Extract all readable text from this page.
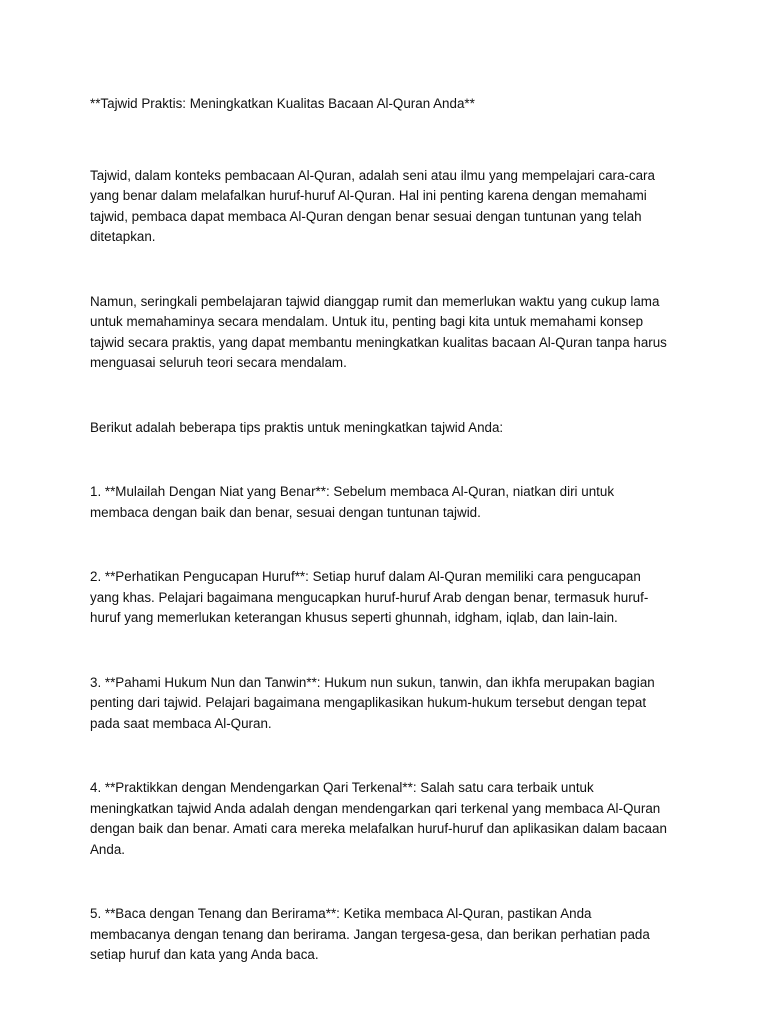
**Tajwid Praktis: Meningkatkan Kualitas Bacaan Al-Quran Anda**

Tajwid, dalam konteks pembacaan Al-Quran, adalah seni atau ilmu yang mempelajari cara-cara yang benar dalam melafalkan huruf-huruf Al-Quran. Hal ini penting karena dengan memahami tajwid, pembaca dapat membaca Al-Quran dengan benar sesuai dengan tuntunan yang telah ditetapkan.

Namun, seringkali pembelajaran tajwid dianggap rumit dan memerlukan waktu yang cukup lama untuk memahaminya secara mendalam. Untuk itu, penting bagi kita untuk memahami konsep tajwid secara praktis, yang dapat membantu meningkatkan kualitas bacaan Al-Quran tanpa harus menguasai seluruh teori secara mendalam.

Berikut adalah beberapa tips praktis untuk meningkatkan tajwid Anda:

1. **Mulailah Dengan Niat yang Benar**: Sebelum membaca Al-Quran, niatkan diri untuk membaca dengan baik dan benar, sesuai dengan tuntunan tajwid.

2. **Perhatikan Pengucapan Huruf**: Setiap huruf dalam Al-Quran memiliki cara pengucapan yang khas. Pelajari bagaimana mengucapkan huruf-huruf Arab dengan benar, termasuk huruf-huruf yang memerlukan keterangan khusus seperti ghunnah, idgham, iqlab, dan lain-lain.

3. **Pahami Hukum Nun dan Tanwin**: Hukum nun sukun, tanwin, dan ikhfa merupakan bagian penting dari tajwid. Pelajari bagaimana mengaplikasikan hukum-hukum tersebut dengan tepat pada saat membaca Al-Quran.

4. **Praktikkan dengan Mendengarkan Qari Terkenal**: Salah satu cara terbaik untuk meningkatkan tajwid Anda adalah dengan mendengarkan qari terkenal yang membaca Al-Quran dengan baik dan benar. Amati cara mereka melafalkan huruf-huruf dan aplikasikan dalam bacaan Anda.

5. **Baca dengan Tenang dan Berirama**: Ketika membaca Al-Quran, pastikan Anda membacanya dengan tenang dan berirama. Jangan tergesa-gesa, dan berikan perhatian pada setiap huruf dan kata yang Anda baca.
